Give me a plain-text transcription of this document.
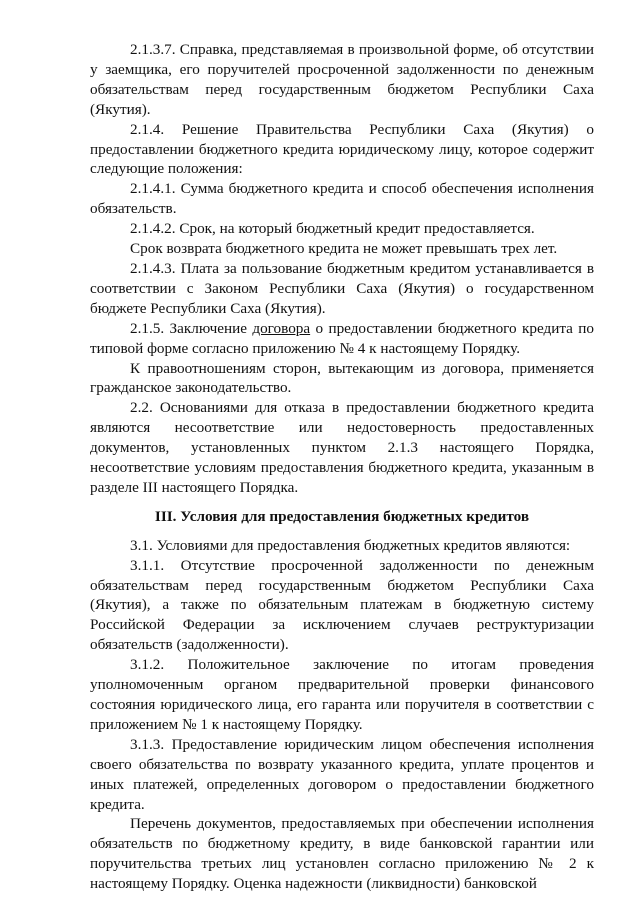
2.1.3.7. Справка, представляемая в произвольной форме, об отсутствии у заемщика, его поручителей просроченной задолженности по денежным обязательствам перед государственным бюджетом Республики Саха (Якутия).

2.1.4. Решение Правительства Республики Саха (Якутия) о предоставлении бюджетного кредита юридическому лицу, которое содержит следующие положения:

2.1.4.1. Сумма бюджетного кредита и способ обеспечения исполнения обязательств.

2.1.4.2. Срок, на который бюджетный кредит предоставляется.

Срок возврата бюджетного кредита не может превышать трех лет.

2.1.4.3. Плата за пользование бюджетным кредитом устанавливается в соответствии с Законом Республики Саха (Якутия) о государственном бюджете Республики Саха (Якутия).

2.1.5. Заключение договора о предоставлении бюджетного кредита по типовой форме согласно приложению № 4 к настоящему Порядку.

К правоотношениям сторон, вытекающим из договора, применяется гражданское законодательство.

2.2. Основаниями для отказа в предоставлении бюджетного кредита являются несоответствие или недостоверность предоставленных документов, установленных пунктом 2.1.3 настоящего Порядка, несоответствие условиям предоставления бюджетного кредита, указанным в разделе III настоящего Порядка.

III. Условия для предоставления бюджетных кредитов

3.1. Условиями для предоставления бюджетных кредитов являются:

3.1.1. Отсутствие просроченной задолженности по денежным обязательствам перед государственным бюджетом Республики Саха (Якутия), а также по обязательным платежам в бюджетную систему Российской Федерации за исключением случаев реструктуризации обязательств (задолженности).

3.1.2. Положительное заключение по итогам проведения уполномоченным органом предварительной проверки финансового состояния юридического лица, его гаранта или поручителя в соответствии с приложением № 1 к настоящему Порядку.

3.1.3. Предоставление юридическим лицом обеспечения исполнения своего обязательства по возврату указанного кредита, уплате процентов и иных платежей, определенных договором о предоставлении бюджетного кредита.

Перечень документов, предоставляемых при обеспечении исполнения обязательств по бюджетному кредиту, в виде банковской гарантии или поручительства третьих лиц установлен согласно приложению № 2 к настоящему Порядку. Оценка надежности (ликвидности) банковской
